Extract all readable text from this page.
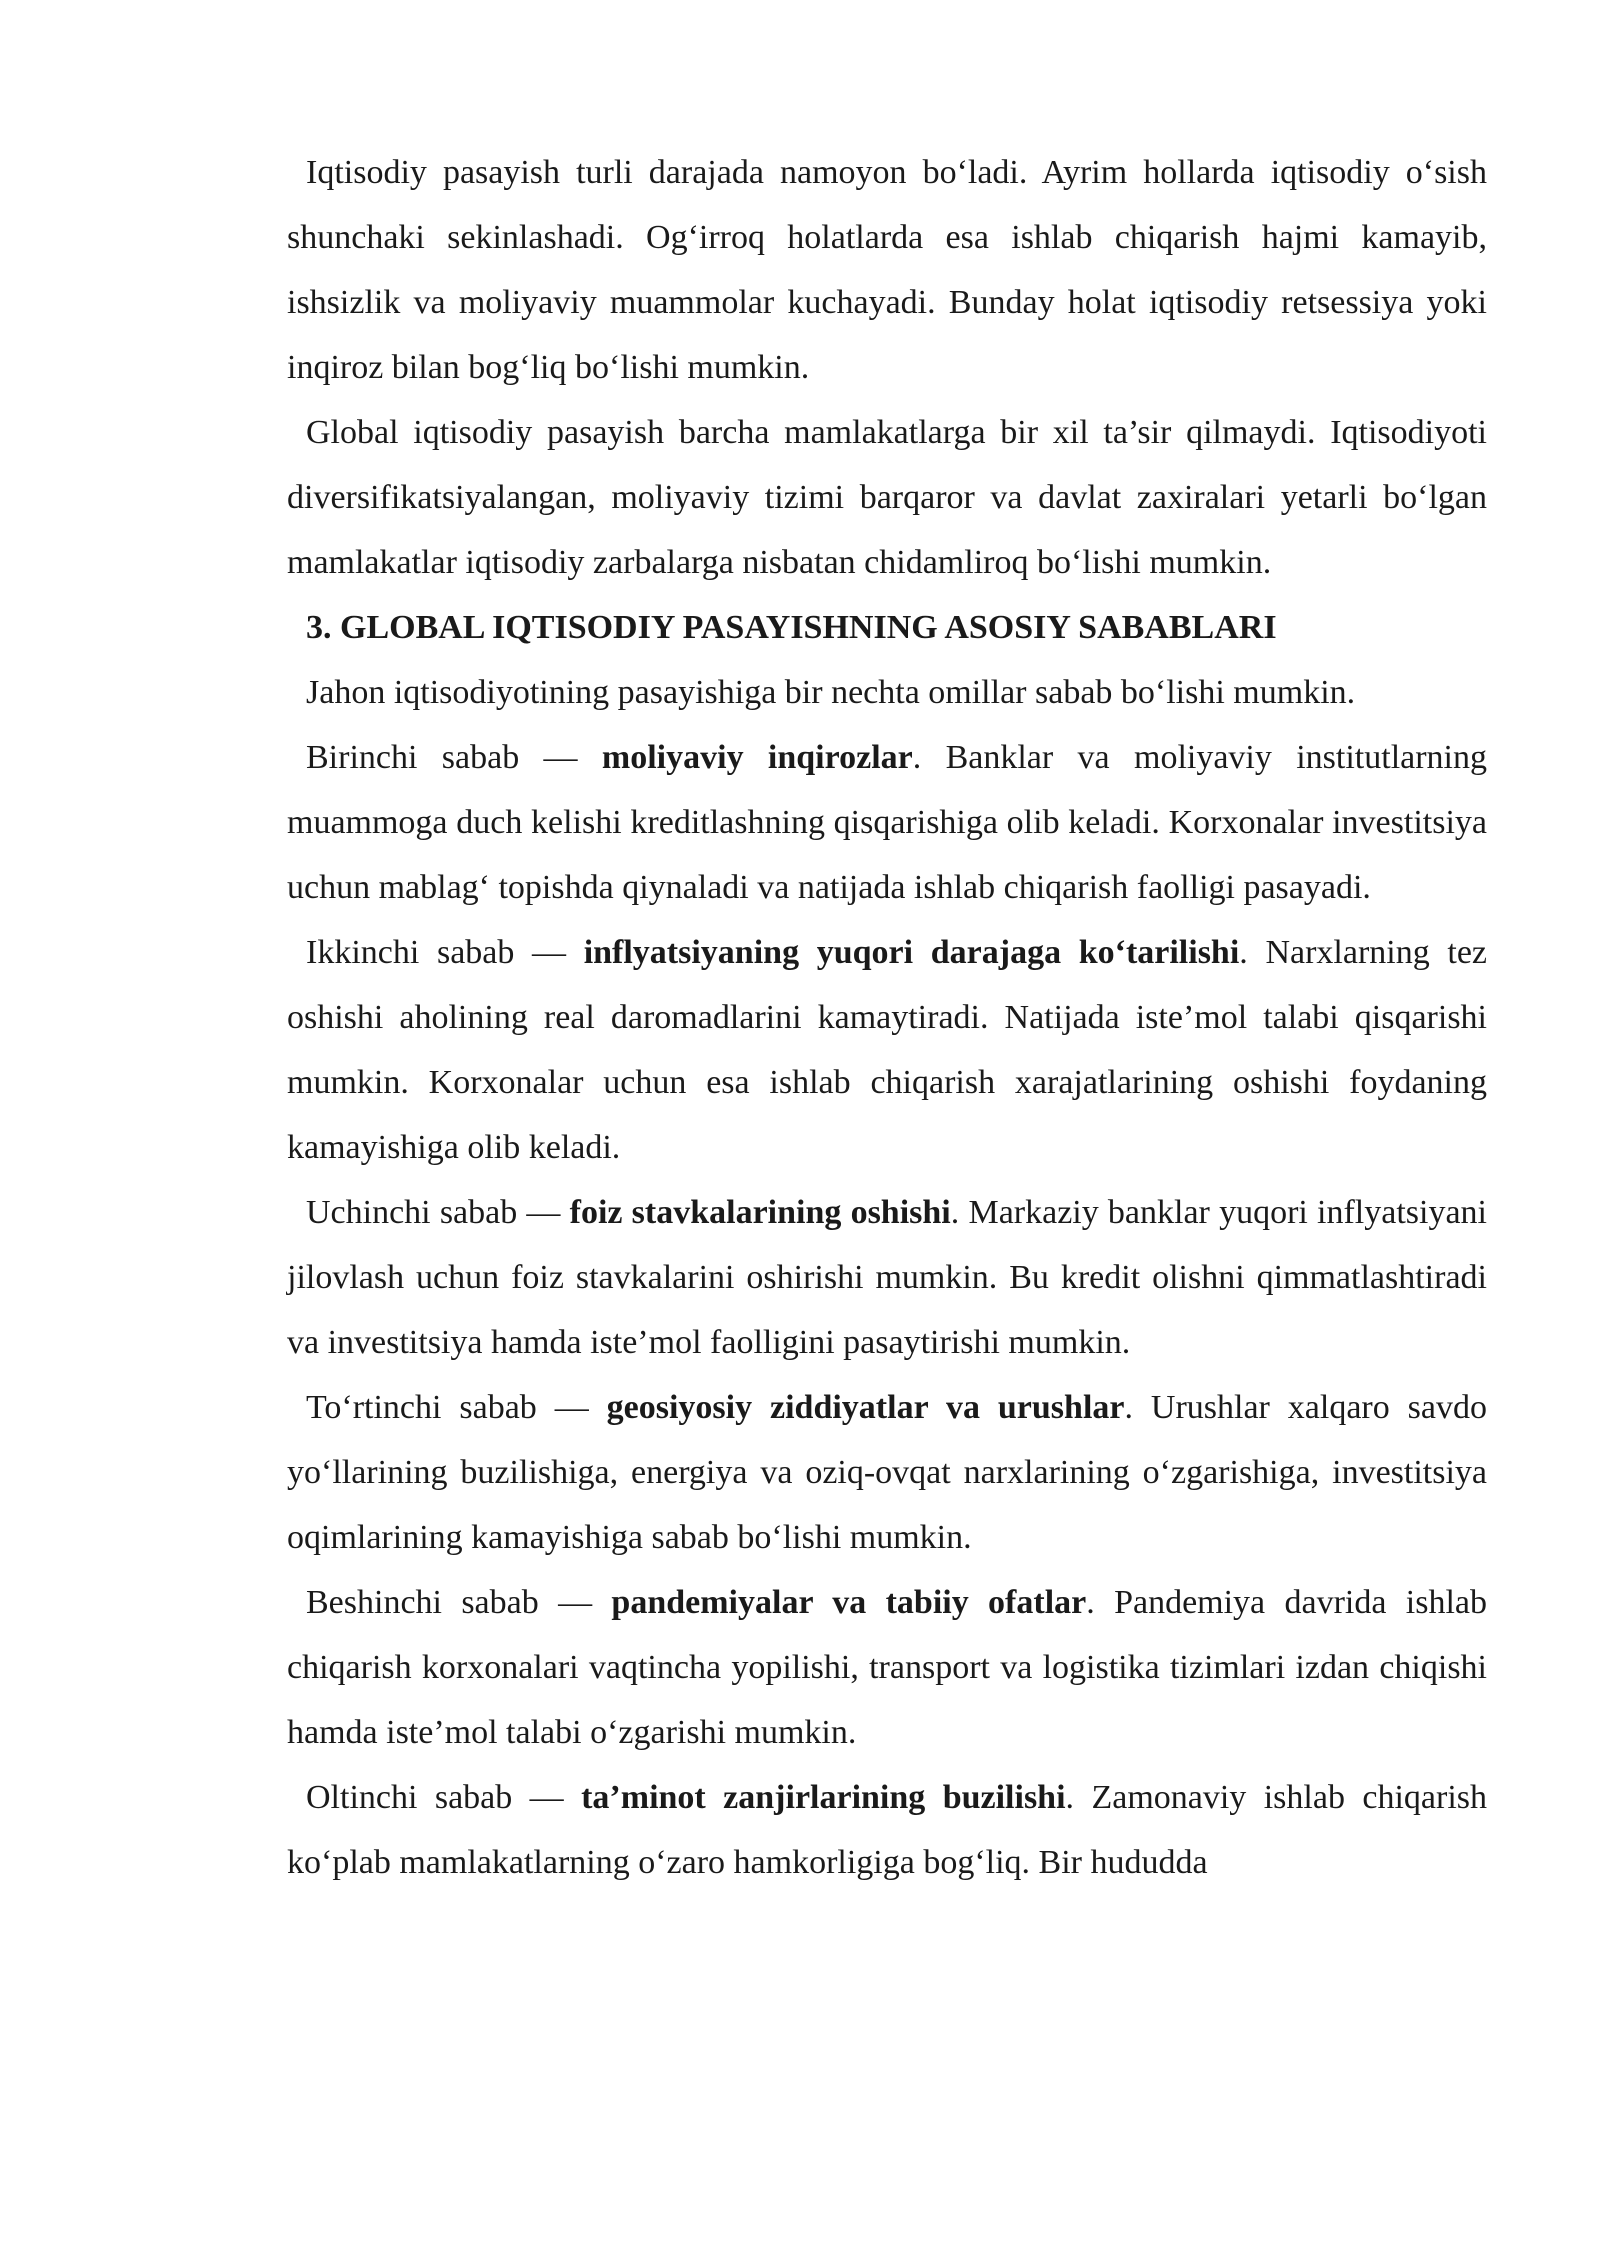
Iqtisodiy pasayish turli darajada namoyon bo‘ladi. Ayrim hollarda iqtisodiy o‘sish shunchaki sekinlashadi. Og‘irroq holatlarda esa ishlab chiqarish hajmi kamayib, ishsizlik va moliyaviy muammolar kuchayadi. Bunday holat iqtisodiy retsessiya yoki inqiroz bilan bog‘liq bo‘lishi mumkin.

Global iqtisodiy pasayish barcha mamlakatlarga bir xil ta’sir qilmaydi. Iqtisodiyoti diversifikatsiyalangan, moliyaviy tizimi barqaror va davlat zaxiralari yetarli bo‘lgan mamlakatlar iqtisodiy zarbalarga nisbatan chidamliroq bo‘lishi mumkin.

3. GLOBAL IQTISODIY PASAYISHNING ASOSIY SABABLARI

Jahon iqtisodiyotining pasayishiga bir nechta omillar sabab bo‘lishi mumkin.

Birinchi sabab — moliyaviy inqirozlar. Banklar va moliyaviy institutlarning muammoga duch kelishi kreditlashning qisqarishiga olib keladi. Korxonalar investitsiya uchun mablag‘ topishda qiynaladi va natijada ishlab chiqarish faolligi pasayadi.

Ikkinchi sabab — inflyatsiyaning yuqori darajaga ko‘tarilishi. Narxlarning tez oshishi aholining real daromadlarini kamaytiradi. Natijada iste’mol talabi qisqarishi mumkin. Korxonalar uchun esa ishlab chiqarish xarajatlarining oshishi foydaning kamayishiga olib keladi.

Uchinchi sabab — foiz stavkalarining oshishi. Markaziy banklar yuqori inflyatsiyani jilovlash uchun foiz stavkalarini oshirishi mumkin. Bu kredit olishni qimmatlashtiradi va investitsiya hamda iste’mol faolligini pasaytirishi mumkin.

To‘rtinchi sabab — geosiyosiy ziddiyatlar va urushlar. Urushlar xalqaro savdo yo‘llarining buzilishiga, energiya va oziq-ovqat narxlarining o‘zgarishiga, investitsiya oqimlarining kamayishiga sabab bo‘lishi mumkin.

Beshinchi sabab — pandemiyalar va tabiiy ofatlar. Pandemiya davrida ishlab chiqarish korxonalari vaqtincha yopilishi, transport va logistika tizimlari izdan chiqishi hamda iste’mol talabi o‘zgarishi mumkin.

Oltinchi sabab — ta’minot zanjirlarining buzilishi. Zamonaviy ishlab chiqarish ko‘plab mamlakatlarning o‘zaro hamkorligiga bog‘liq. Bir hududda
